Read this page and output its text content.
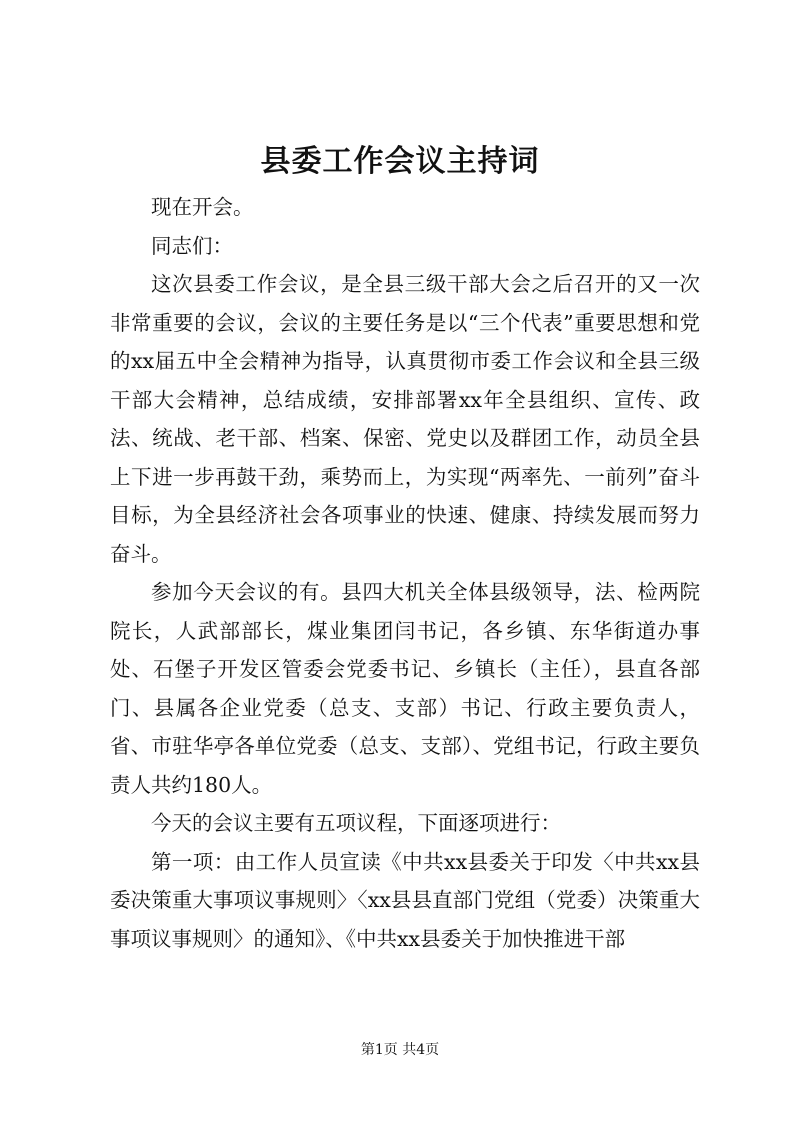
县委工作会议主持词

现在开会。

同志们：

这次县委工作会议，是全县三级干部大会之后召开的又一次非常重要的会议，会议的主要任务是以“三个代表”重要思想和党的xx届五中全会精神为指导，认真贯彻市委工作会议和全县三级干部大会精神，总结成绩，安排部署xx年全县组织、宣传、政法、统战、老干部、档案、保密、党史以及群团工作，动员全县上下进一步再鼓干劲，乘势而上，为实现“两率先、一前列”奋斗目标，为全县经济社会各项事业的快速、健康、持续发展而努力奋斗。

参加今天会议的有。县四大机关全体县级领导，法、检两院院长，人武部部长，煤业集团闫书记，各乡镇、东华街道办事处、石堡子开发区管委会党委书记、乡镇长（主任），县直各部门、县属各企业党委（总支、支部）书记、行政主要负责人，省、市驻华亭各单位党委（总支、支部）、党组书记，行政主要负责人共约180人。

今天的会议主要有五项议程，下面逐项进行：

第一项：由工作人员宣读《中共xx县委关于印发〈中共xx县委决策重大事项议事规则〉〈xx县县直部门党组（党委）决策重大事项议事规则〉的通知》、《中共xx县委关于加快推进干部

第1页 共4页
